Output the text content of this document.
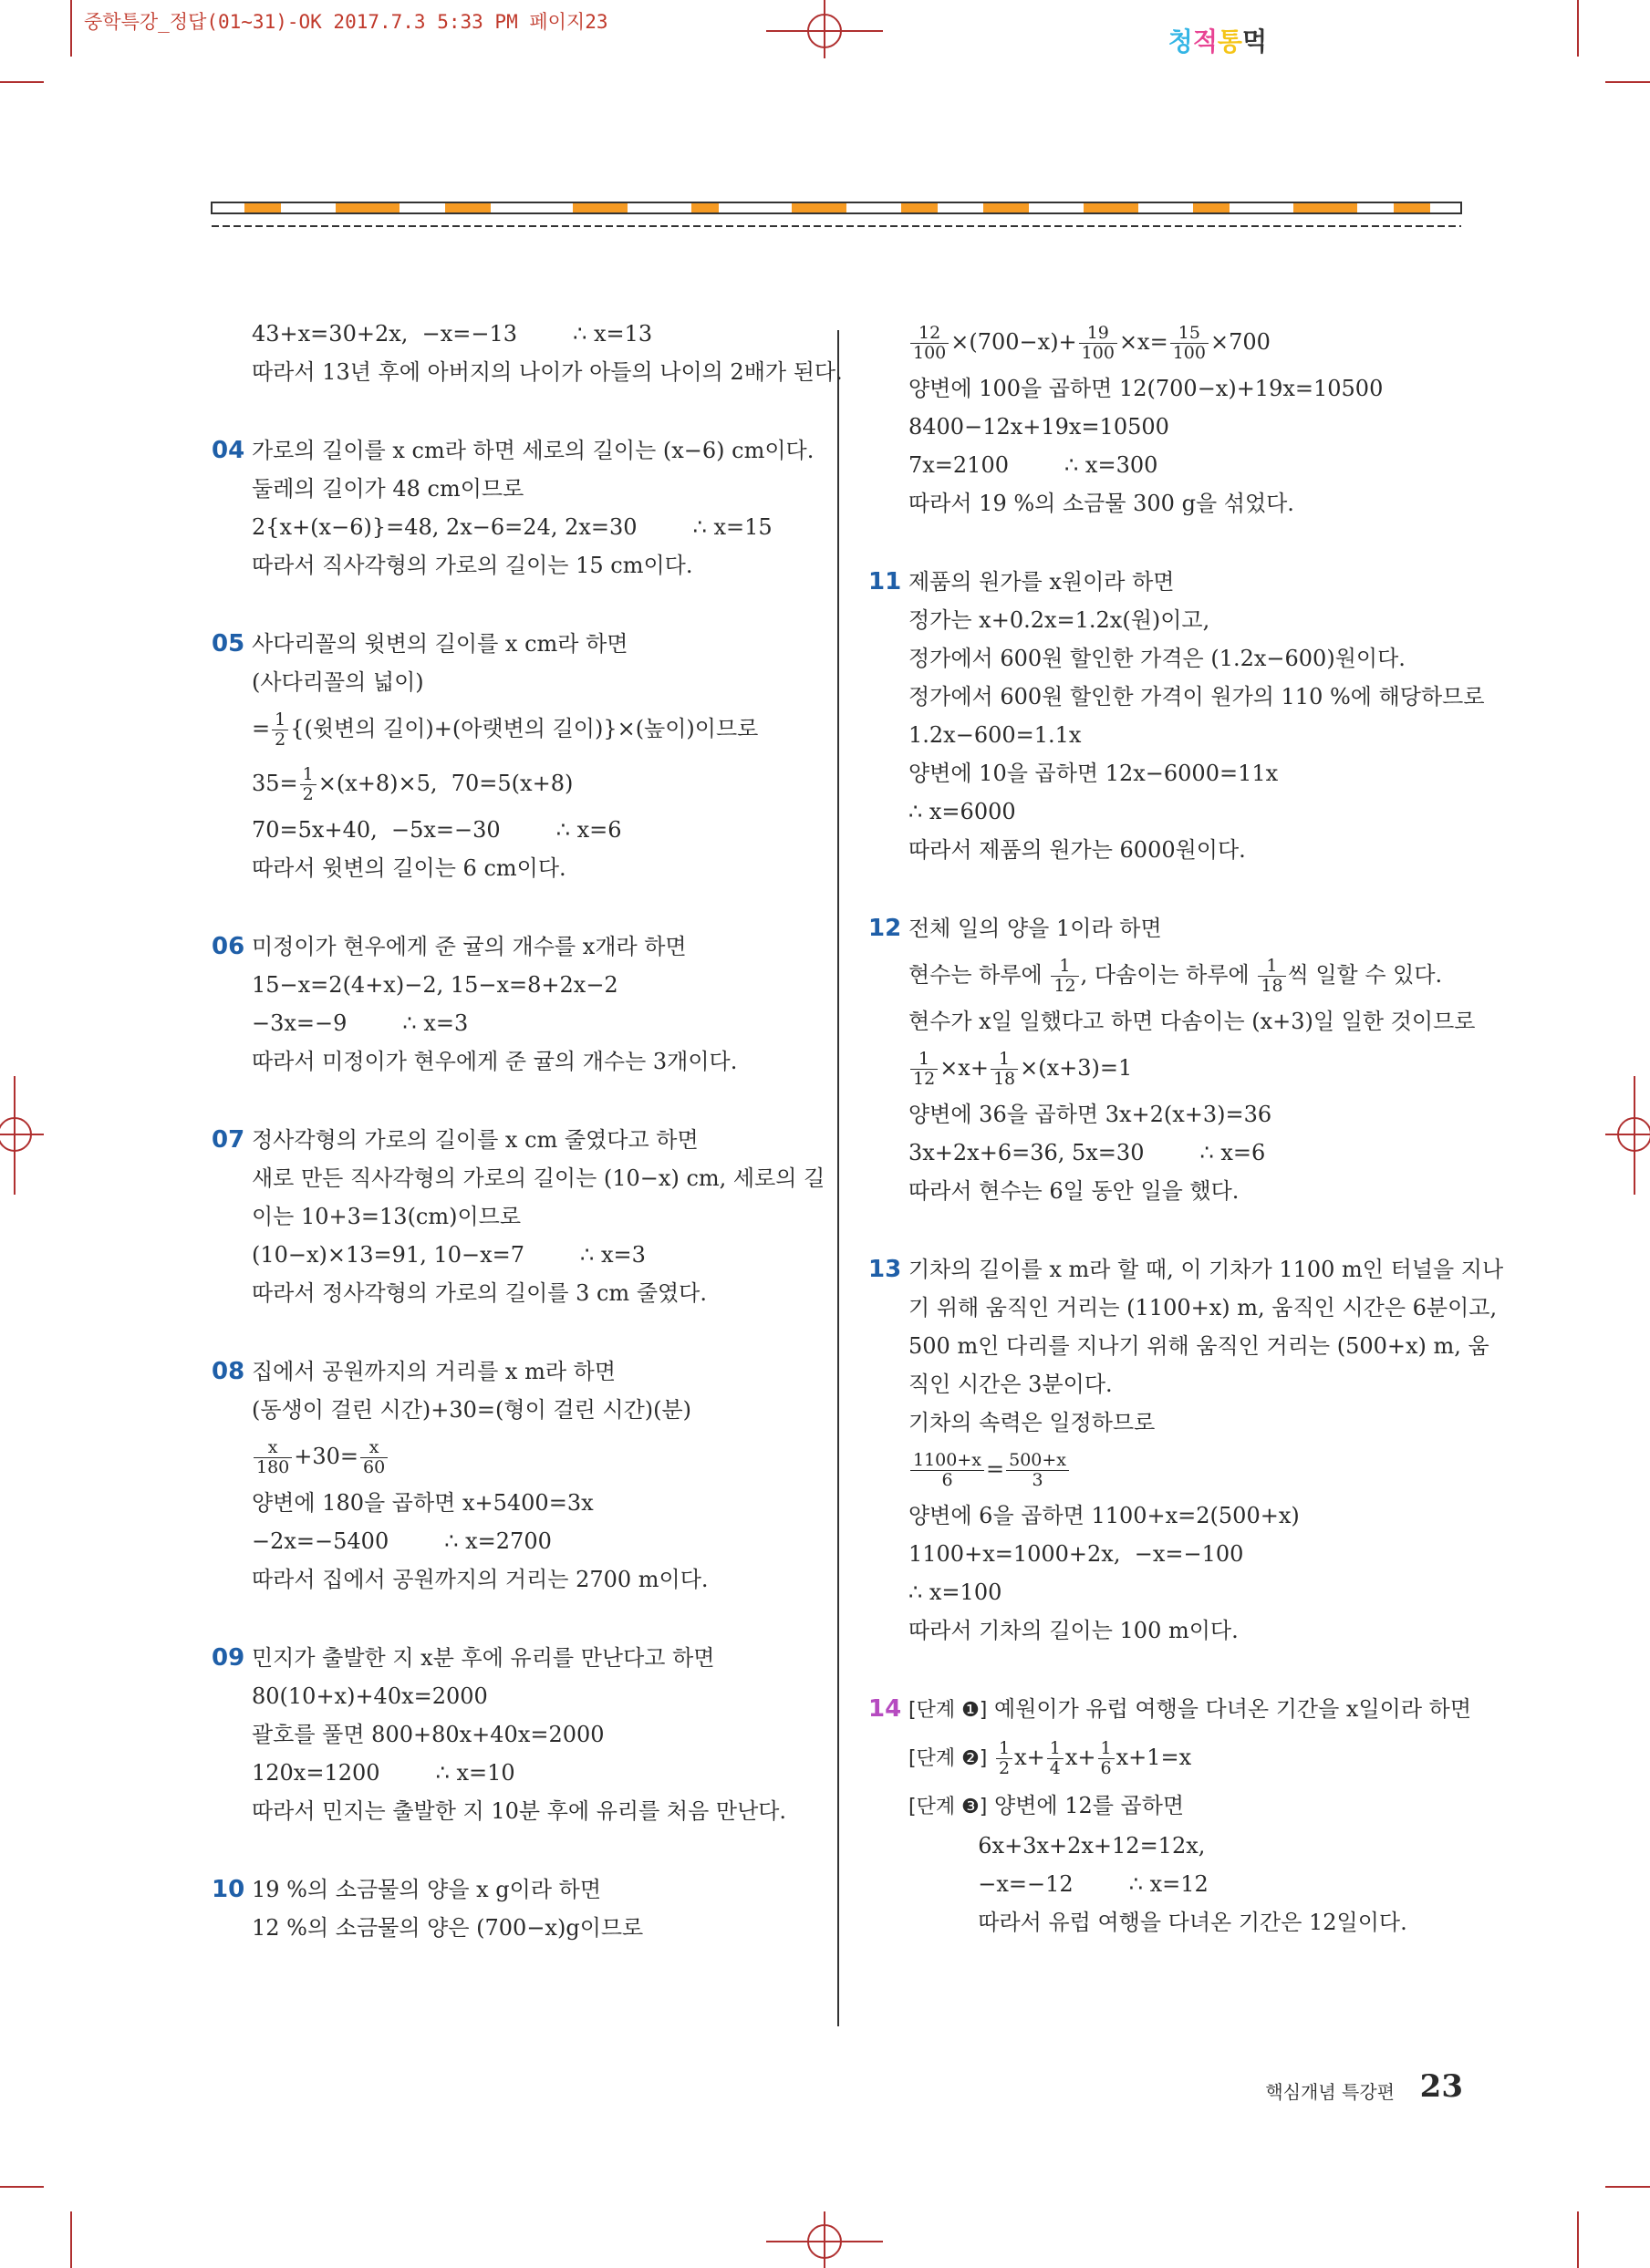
중학특강_정답(01~31)-OK 2017.7.3 5:33 PM 페이지23
청적통먹
43+x=30+2x,  −x=−13        ∴ x=13
따라서 13년 후에 아버지의 나이가 아들의 나이의 2배가 된다.
04 가로의 길이를 x cm라 하면 세로의 길이는 (x−6) cm이다.
둘레의 길이가 48 cm이므로
2{x+(x−6)}=48, 2x−6=24, 2x=30        ∴ x=15
따라서 직사각형의 가로의 길이는 15 cm이다.
05 사다리꼴의 윗변의 길이를 x cm라 하면
(사다리꼴의 넓이)
= $\frac{1}{2}$ {(윗변의 길이)+(아랫변의 길이)}×(높이)이므로
$35= \frac{1}{2} \times(x+8)\times 5$,  70=5(x+8)
70=5x+40,  −5x=−30        ∴ x=6
따라서 윗변의 길이는 6 cm이다.
06 미정이가 현우에게 준 귤의 개수를 x개라 하면
15−x=2(4+x)−2, 15−x=8+2x−2
−3x=−9        ∴ x=3
따라서 미정이가 현우에게 준 귤의 개수는 3개이다.
07 정사각형의 가로의 길이를 x cm 줄였다고 하면
새로 만든 직사각형의 가로의 길이는 (10−x) cm, 세로의 길
이는 10+3=13(cm)이므로
(10−x)×13=91, 10−x=7        ∴ x=3
따라서 정사각형의 가로의 길이를 3 cm 줄였다.
08 집에서 공원까지의 거리를 x m라 하면
(동생이 걸린 시간)+30=(형이 걸린 시간)(분)
$\frac{x}{180} +30= \frac{x}{60}$
양변에 180을 곱하면 x+5400=3x
−2x=−5400        ∴ x=2700
따라서 집에서 공원까지의 거리는 2700 m이다.
09 민지가 출발한 지 x분 후에 유리를 만난다고 하면
80(10+x)+40x=2000
괄호를 풀면 800+80x+40x=2000
120x=1200        ∴ x=10
따라서 민지는 출발한 지 10분 후에 유리를 처음 만난다.
10 19 %의 소금물의 양을 x g이라 하면
12 %의 소금물의 양은 (700−x)g이므로
$\frac{12}{100} \times(700-x)+ \frac{19}{100} \times x= \frac{15}{100} \times 700$
양변에 100을 곱하면 12(700−x)+19x=10500
8400−12x+19x=10500
7x=2100        ∴ x=300
따라서 19 %의 소금물 300 g을 섞었다.
11 제품의 원가를 x원이라 하면
정가는 x+0.2x=1.2x(원)이고,
정가에서 600원 할인한 가격은 (1.2x−600)원이다.
정가에서 600원 할인한 가격이 원가의 110 %에 해당하므로
1.2x−600=1.1x
양변에 10을 곱하면 12x−6000=11x
∴ x=6000
따라서 제품의 원가는 6000원이다.
12 전체 일의 양을 1이라 하면
현수는 하루에 $\frac{1}{12}$ , 다솜이는 하루에 $\frac{1}{18}$ 씩 일할 수 있다.
현수가 x일 일했다고 하면 다솜이는 (x+3)일 일한 것이므로
$\frac{1}{12} \times x+ \frac{1}{18} \times(x+3)=1$
양변에 36을 곱하면 3x+2(x+3)=36
3x+2x+6=36, 5x=30        ∴ x=6
따라서 현수는 6일 동안 일을 했다.
13 기차의 길이를 x m라 할 때, 이 기차가 1100 m인 터널을 지나
기 위해 움직인 거리는 (1100+x) m, 움직인 시간은 6분이고,
500 m인 다리를 지나기 위해 움직인 거리는 (500+x) m, 움
직인 시간은 3분이다.
기차의 속력은 일정하므로
$\frac{1100+x}{6} = \frac{500+x}{3}$
양변에 6을 곱하면 1100+x=2(500+x)
1100+x=1000+2x,  −x=−100
∴ x=100
따라서 기차의 길이는 100 m이다.
14 [단계 ❶] 예원이가 유럽 여행을 다녀온 기간을 x일이라 하면
[단계 ❷] $\frac{1}{2} x+ \frac{1}{4} x+ \frac{1}{6} x+1=x$
[단계 ❸] 양변에 12를 곱하면
6x+3x+2x+12=12x,
−x=−12        ∴ x=12
따라서 유럽 여행을 다녀온 기간은 12일이다.
핵심개념 특강편 23
